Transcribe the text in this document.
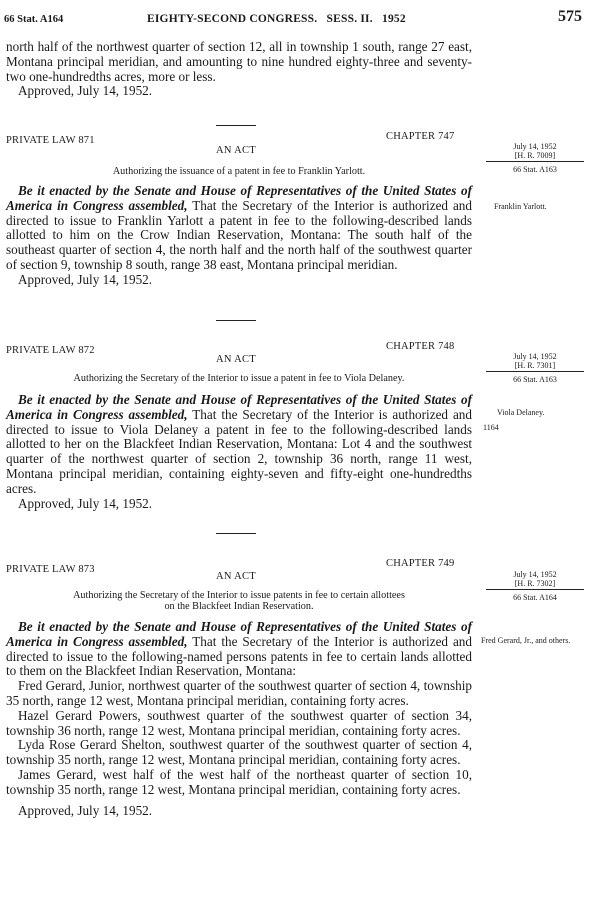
66 Stat. A164	EIGHTY-SECOND CONGRESS.   SESS. II.   1952	575

north half of the northwest quarter of section 12, all in township 1 south, range 27 east, Montana principal meridian, and amounting to nine hundred eighty-three and seventy-two one-hundredths acres, more or less.

Approved, July 14, 1952.

PRIVATE LAW 871	CHAPTER 747
AN ACT
Authorizing the issuance of a patent in fee to Franklin Yarlott.
July 14, 1952
[H. R. 7009]
66 Stat. A163
Franklin Yarlott.

Be it enacted by the Senate and House of Representatives of the United States of America in Congress assembled, That the Secretary of the Interior is authorized and directed to issue to Franklin Yarlott a patent in fee to the following-described lands allotted to him on the Crow Indian Reservation, Montana: The south half of the southeast quarter of section 4, the north half and the north half of the southwest quarter of section 9, township 8 south, range 38 east, Montana principal meridian.

Approved, July 14, 1952.

PRIVATE LAW 872	CHAPTER 748
AN ACT
Authorizing the Secretary of the Interior to issue a patent in fee to Viola Delaney.
July 14, 1952
[H. R. 7301]
66 Stat. A163
Viola Delaney.
1164

Be it enacted by the Senate and House of Representatives of the United States of America in Congress assembled, That the Secretary of the Interior is authorized and directed to issue to Viola Delaney a patent in fee to the following-described lands allotted to her on the Blackfeet Indian Reservation, Montana: Lot 4 and the southwest quarter of the northwest quarter of section 2, township 36 north, range 11 west, Montana principal meridian, containing eighty-seven and fifty-eight one-hundredths acres.

Approved, July 14, 1952.

PRIVATE LAW 873
CHAPTER 749
AN ACT
Authorizing the Secretary of the Interior to issue patents in fee to certain allottees
on the Blackfeet Indian Reservation.
July 14, 1952
[H. R. 7302]
66 Stat. A164
Fred Gerard, Jr., and others.

Be it enacted by the Senate and House of Representatives of the United States of America in Congress assembled, That the Secretary of the Interior is authorized and directed to issue to the following-named persons patents in fee to certain lands allotted to them on the Blackfeet Indian Reservation, Montana:

Fred Gerard, Junior, northwest quarter of the southwest quarter of section 4, township 35 north, range 12 west, Montana principal meridian, containing forty acres.

Hazel Gerard Powers, southwest quarter of the southwest quarter of section 34, township 36 north, range 12 west, Montana principal meridian, containing forty acres.

Lyda Rose Gerard Shelton, southwest quarter of the southwest quarter of section 4, township 35 north, range 12 west, Montana principal meridian, containing forty acres.

James Gerard, west half of the west half of the northeast quarter of section 10, township 35 north, range 12 west, Montana principal meridian, containing forty acres.

Approved, July 14, 1952.
